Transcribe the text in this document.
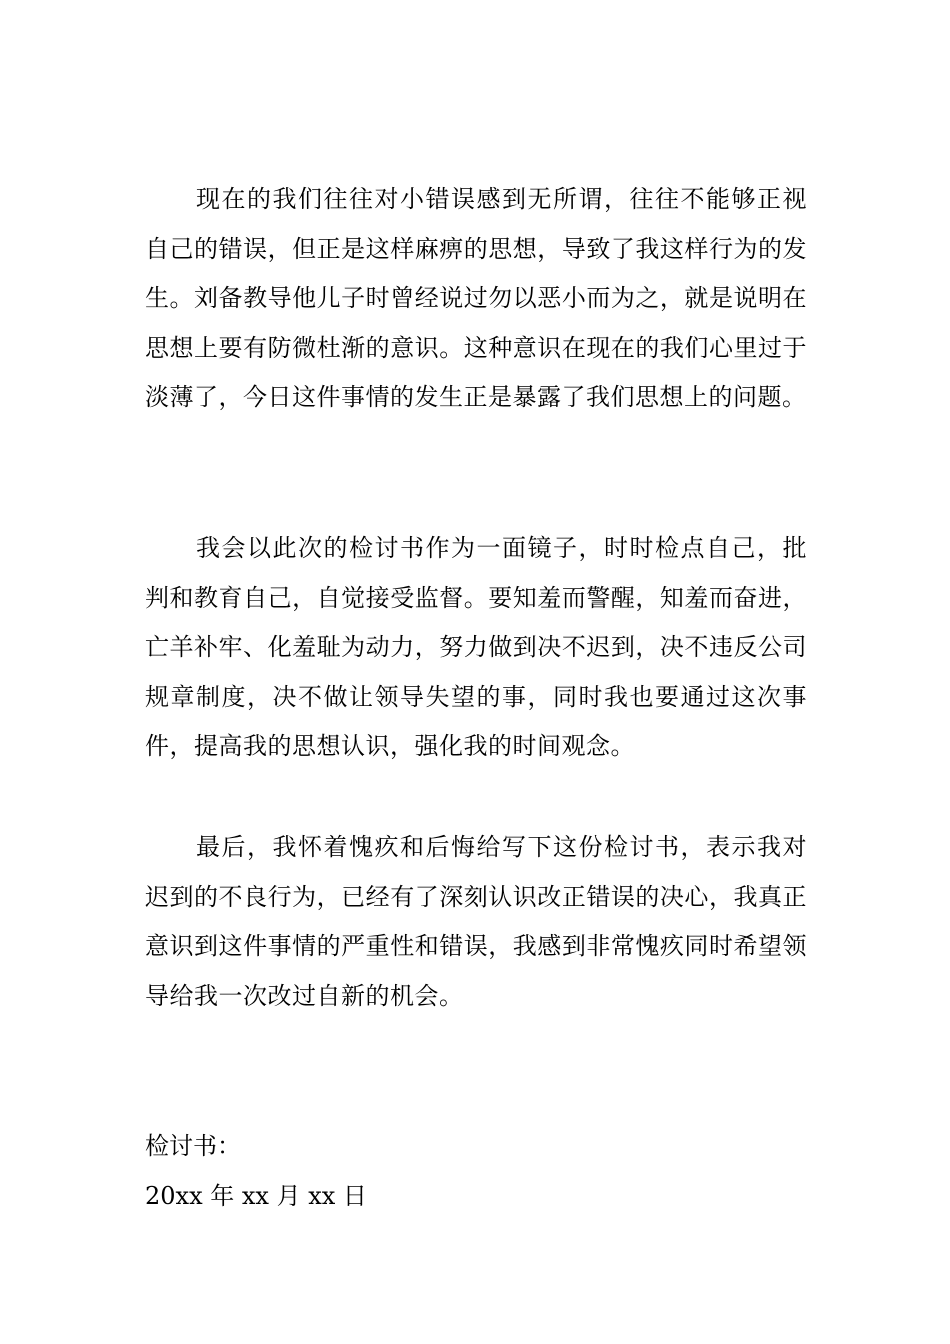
现在的我们往往对小错误感到无所谓，往往不能够正视自己的错误，但正是这样麻痹的思想，导致了我这样行为的发生。刘备教导他儿子时曾经说过勿以恶小而为之，就是说明在思想上要有防微杜渐的意识。这种意识在现在的我们心里过于淡薄了，今日这件事情的发生正是暴露了我们思想上的问题。

我会以此次的检讨书作为一面镜子，时时检点自己，批判和教育自己，自觉接受监督。要知羞而警醒，知羞而奋进，亡羊补牢、化羞耻为动力，努力做到决不迟到，决不违反公司规章制度，决不做让领导失望的事，同时我也要通过这次事件，提高我的思想认识，强化我的时间观念。

最后，我怀着愧疚和后悔给写下这份检讨书，表示我对迟到的不良行为，已经有了深刻认识改正错误的决心，我真正意识到这件事情的严重性和错误，我感到非常愧疚同时希望领导给我一次改过自新的机会。

检讨书：

20xx 年 xx 月 xx 日
